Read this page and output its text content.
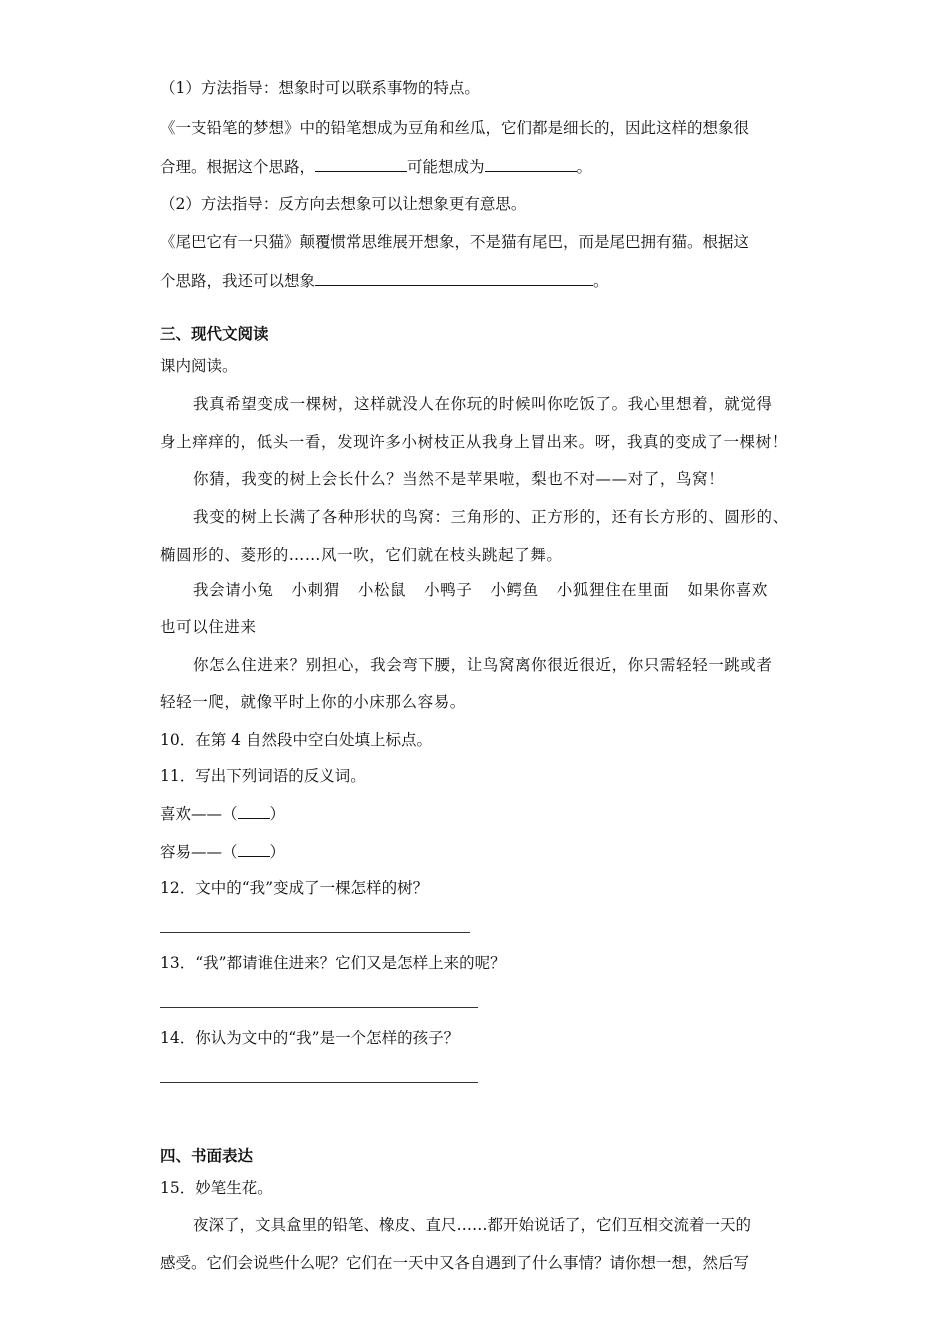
（1）方法指导：想象时可以联系事物的特点。
《一支铅笔的梦想》中的铅笔想成为豆角和丝瓜，它们都是细长的，因此这样的想象很
合理。根据这个思路，	可能想成为	。
（2）方法指导：反方向去想象可以让想象更有意思。
《尾巴它有一只猫》颠覆惯常思维展开想象，不是猫有尾巴，而是尾巴拥有猫。根据这
个思路，我还可以想象	。
三、现代文阅读
课内阅读。
我真希望变成一棵树，这样就没人在你玩的时候叫你吃饭了。我心里想着，就觉得
身上痒痒的，低头一看，发现许多小树枝正从我身上冒出来。呀，我真的变成了一棵树！
你猜，我变的树上会长什么？当然不是苹果啦，梨也不对——对了，鸟窝！
我变的树上长满了各种形状的鸟窝：三角形的、正方形的，还有长方形的、圆形的、
椭圆形的、菱形的……风一吹，它们就在枝头跳起了舞。
我会请小兔 小刺猬 小松鼠 小鸭子 小鳄鱼 小狐狸住在里面 如果你喜欢
也可以住进来
你怎么住进来？别担心，我会弯下腰，让鸟窝离你很近很近，你只需轻轻一跳或者
轻轻一爬，就像平时上你的小床那么容易。
10．在第 4 自然段中空白处填上标点。
11．写出下列词语的反义词。
喜欢——（ ）
容易——（ ）
12．文中的“我”变成了一棵怎样的树？
13．“我”都请谁住进来？它们又是怎样上来的呢？
14．你认为文中的“我”是一个怎样的孩子？
四、书面表达
15．妙笔生花。
夜深了，文具盒里的铅笔、橡皮、直尺……都开始说话了，它们互相交流着一天的
感受。它们会说些什么呢？它们在一天中又各自遇到了什么事情？请你想一想，然后写
